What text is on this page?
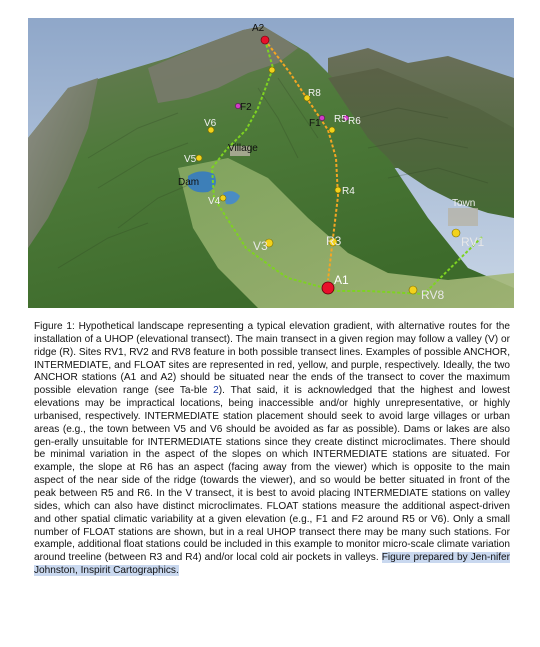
A2
R8
F2
F1 R5 R6
R4
R3
A1
V6
V5
V4
V3
Village
Dam
Town
RV1
RV8

Figure 1: Hypothetical landscape representing a typical elevation gradient, with alternative routes for the installation of a UHOP (elevational transect). The main transect in a given region may follow a valley (V) or ridge (R). Sites RV1, RV2 and RV8 feature in both possible transect lines. Examples of possible ANCHOR, INTERMEDIATE, and FLOAT sites are represented in red, yellow, and purple, respectively. Ideally, the two ANCHOR stations (A1 and A2) should be situated near the ends of the transect to cover the maximum possible elevation range (see Ta-ble 2). That said, it is acknowledged that the highest and lowest elevations may be impractical locations, being inaccessible and/or highly unrepresentative, or highly urbanised, respectively. INTERMEDIATE station placement should seek to avoid large villages or urban areas (e.g., the town between V5 and V6 should be avoided as far as possible). Dams or lakes are also gen-erally unsuitable for INTERMEDIATE stations since they create distinct microclimates. There should be minimal variation in the aspect of the slopes on which INTERMEDIATE stations are situated. For example, the slope at R6 has an aspect (facing away from the viewer) which is opposite to the main aspect of the near side of the ridge (towards the viewer), and so would be better situated in front of the peak between R5 and R6. In the V transect, it is best to avoid placing INTERMEDIATE stations on valley sides, which can also have distinct microclimates. FLOAT stations measure the additional aspect-driven and other spatial climatic variability at a given elevation (e.g., F1 and F2 around R5 or V6). Only a small number of FLOAT stations are shown, but in a real UHOP transect there may be many such stations. For example, additional float stations could be included in this example to monitor micro-scale climate variation around treeline (between R3 and R4) and/or local cold air pockets in valleys. Figure prepared by Jen-nifer Johnston, Inspirit Cartographics.
